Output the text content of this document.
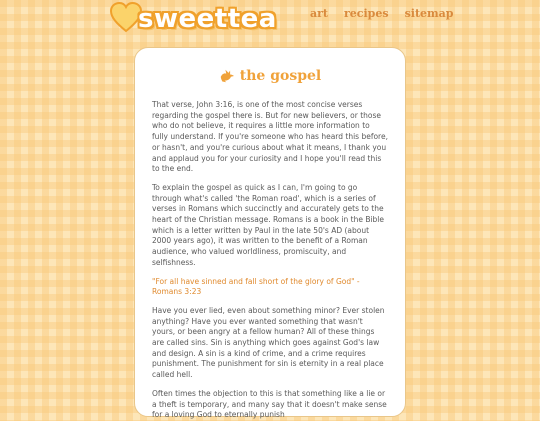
sweettea	art recipes sitemap
the gospel

That verse, John 3:16, is one of the most concise verses regarding the gospel there is. But for new believers, or those who do not believe, it requires a little more information to fully understand. If you're someone who has heard this before, or hasn't, and you're curious about what it means, I thank you and applaud you for your curiosity and I hope you'll read this to the end.

To explain the gospel as quick as I can, I'm going to go through what's called 'the Roman road', which is a series of verses in Romans which succinctly and accurately gets to the heart of the Christian message. Romans is a book in the Bible which is a letter written by Paul in the late 50's AD (about 2000 years ago), it was written to the benefit of a Roman audience, who valued worldliness, promiscuity, and selfishness.

"For all have sinned and fall short of the glory of God" - Romans 3:23

Have you ever lied, even about something minor? Ever stolen anything? Have you ever wanted something that wasn't yours, or been angry at a fellow human? All of these things are called sins. Sin is anything which goes against God's law and design. A sin is a kind of crime, and a crime requires punishment. The punishment for sin is eternity in a real place called hell.

Often times the objection to this is that something like a lie or a theft is temporary, and many say that it doesn't make sense for a loving God to eternally punish
